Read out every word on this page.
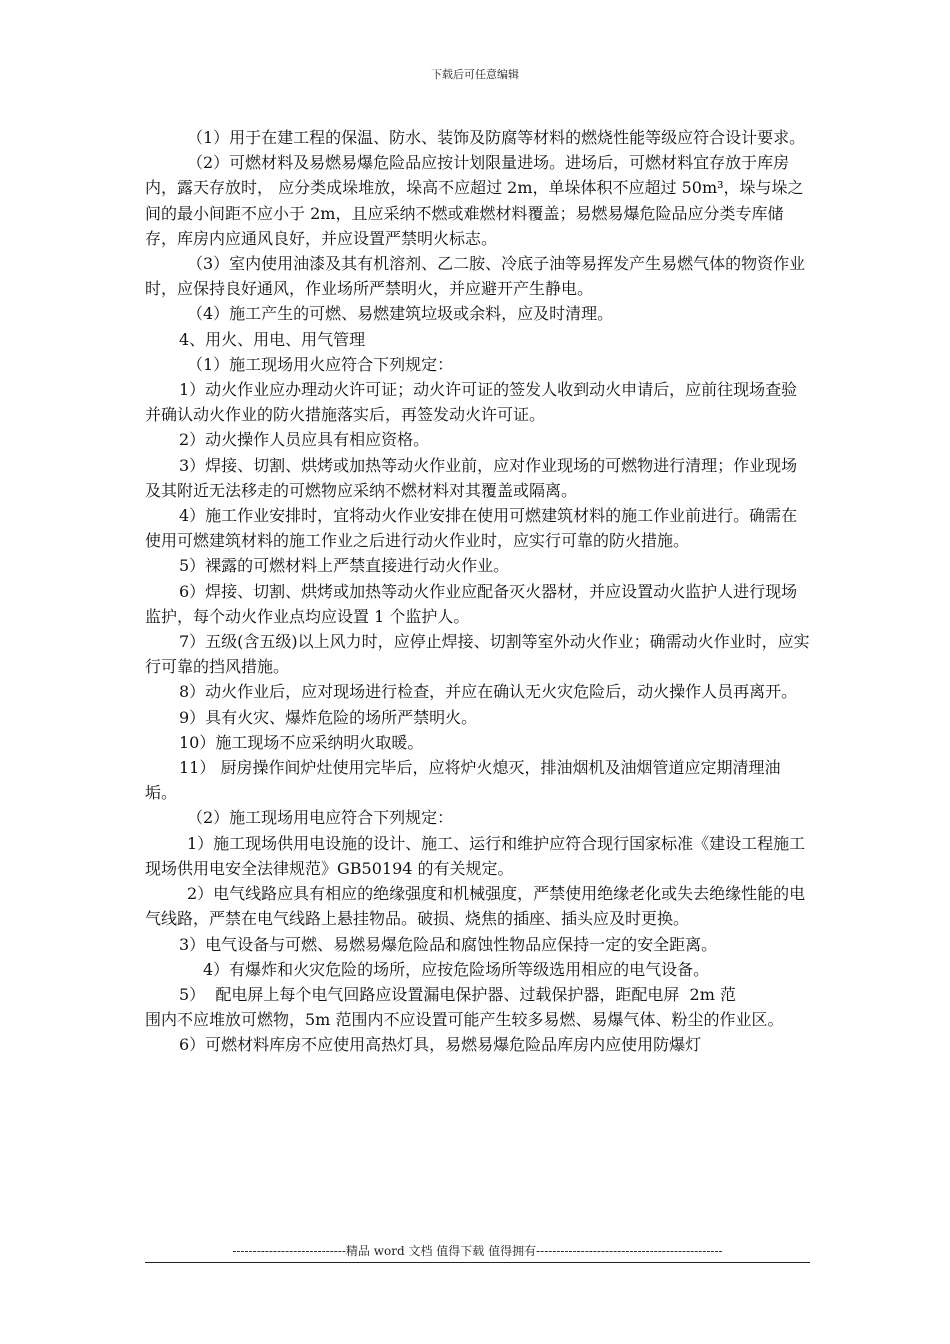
下载后可任意编辑

（1）用于在建工程的保温、防水、装饰及防腐等材料的燃烧性能等级应符合设计要求。

（2）可燃材料及易燃易爆危险品应按计划限量进场。进场后，可燃材料宜存放于库房内，露天存放时， 应分类成垛堆放，垛高不应超过 2m，单垛体积不应超过 50m³，垛与垛之间的最小间距不应小于 2m，且应采纳不燃或难燃材料覆盖；易燃易爆危险品应分类专库储存，库房内应通风良好，并应设置严禁明火标志。

（3）室内使用油漆及其有机溶剂、乙二胺、冷底子油等易挥发产生易燃气体的物资作业时，应保持良好通风，作业场所严禁明火，并应避开产生静电。

（4）施工产生的可燃、易燃建筑垃圾或余料，应及时清理。

4、用火、用电、用气管理

（1）施工现场用火应符合下列规定：

1）动火作业应办理动火许可证；动火许可证的签发人收到动火申请后，应前往现场查验并确认动火作业的防火措施落实后，再签发动火许可证。

2）动火操作人员应具有相应资格。

3）焊接、切割、烘烤或加热等动火作业前，应对作业现场的可燃物进行清理；作业现场及其附近无法移走的可燃物应采纳不燃材料对其覆盖或隔离。

4）施工作业安排时，宜将动火作业安排在使用可燃建筑材料的施工作业前进行。确需在使用可燃建筑材料的施工作业之后进行动火作业时，应实行可靠的防火措施。

5）裸露的可燃材料上严禁直接进行动火作业。

6）焊接、切割、烘烤或加热等动火作业应配备灭火器材，并应设置动火监护人进行现场监护，每个动火作业点均应设置 1 个监护人。

7）五级(含五级)以上风力时，应停止焊接、切割等室外动火作业；确需动火作业时，应实行可靠的挡风措施。

8）动火作业后，应对现场进行检查，并应在确认无火灾危险后，动火操作人员再离开。

9）具有火灾、爆炸危险的场所严禁明火。

10）施工现场不应采纳明火取暖。

11） 厨房操作间炉灶使用完毕后，应将炉火熄灭，排油烟机及油烟管道应定期清理油垢。

（2）施工现场用电应符合下列规定：

1）施工现场供用电设施的设计、施工、运行和维护应符合现行国家标准《建设工程施工现场供用电安全法律规范》GB50194 的有关规定。

2）电气线路应具有相应的绝缘强度和机械强度，严禁使用绝缘老化或失去绝缘性能的电气线路，严禁在电气线路上悬挂物品。破损、烧焦的插座、插头应及时更换。

3）电气设备与可燃、易燃易爆危险品和腐蚀性物品应保持一定的安全距离。

4）有爆炸和火灾危险的场所，应按危险场所等级选用相应的电气设备。

5）  配电屏上每个电气回路应设置漏电保护器、过载保护器，距配电屏  2m 范

围内不应堆放可燃物，5m 范围内不应设置可能产生较多易燃、易爆气体、粉尘的作业区。

6）可燃材料库房不应使用高热灯具，易燃易爆危险品库房内应使用防爆灯

----------------------------精品 word 文档 值得下载 值得拥有----------------------------------------------
